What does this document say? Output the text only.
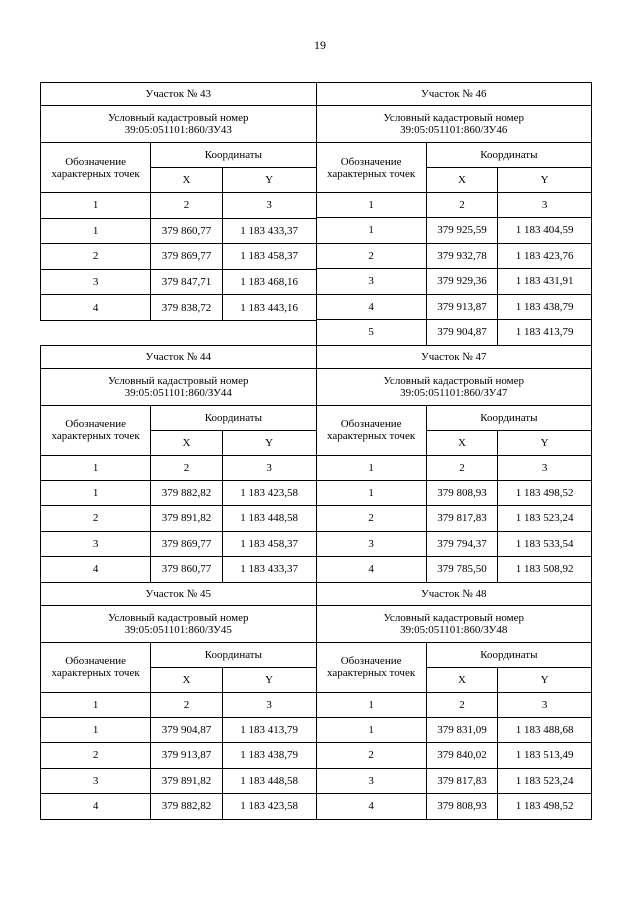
19
Участок № 43		

Условный кадастровый номер
39:05:051101:860/ЗУ43		

Обозначение характерных точек	Координаты	
	X	Y
1	2	3
1	379 860,77	1 183 433,37
2	379 869,77	1 183 458,37
3	379 847,71	1 183 468,16
4	379 838,72	1 183 443,16

Участок № 46		

Условный кадастровый номер
39:05:051101:860/ЗУ46		

Обозначение характерных точек	Координаты	
	X	Y
1	2	3
1	379 925,59	1 183 404,59
2	379 932,78	1 183 423,76
3	379 929,36	1 183 431,91
4	379 913,87	1 183 438,79
5	379 904,87	1 183 413,79
Участок № 44		

Условный кадастровый номер
39:05:051101:860/ЗУ44		

Обозначение характерных точек	Координаты	
	X	Y
1	2	3
1	379 882,82	1 183 423,58
2	379 891,82	1 183 448,58
3	379 869,77	1 183 458,37
4	379 860,77	1 183 433,37
Участок № 47		

Условный кадастровый номер
39:05:051101:860/ЗУ47		

Обозначение характерных точек	Координаты	
	X	Y
1	2	3
1	379 808,93	1 183 498,52
2	379 817,83	1 183 523,24
3	379 794,37	1 183 533,54
4	379 785,50	1 183 508,92
Участок № 45		

Условный кадастровый номер
39:05:051101:860/ЗУ45		

Обозначение характерных точек	Координаты	
	X	Y
1	2	3
1	379 904,87	1 183 413,79
2	379 913,87	1 183 438,79
3	379 891,82	1 183 448,58
4	379 882,82	1 183 423,58
Участок № 48		

Условный кадастровый номер
39:05:051101:860/ЗУ48		

Обозначение характерных точек	Координаты	
	X	Y
1	2	3
1	379 831,09	1 183 488,68
2	379 840,02	1 183 513,49
3	379 817,83	1 183 523,24
4	379 808,93	1 183 498,52
